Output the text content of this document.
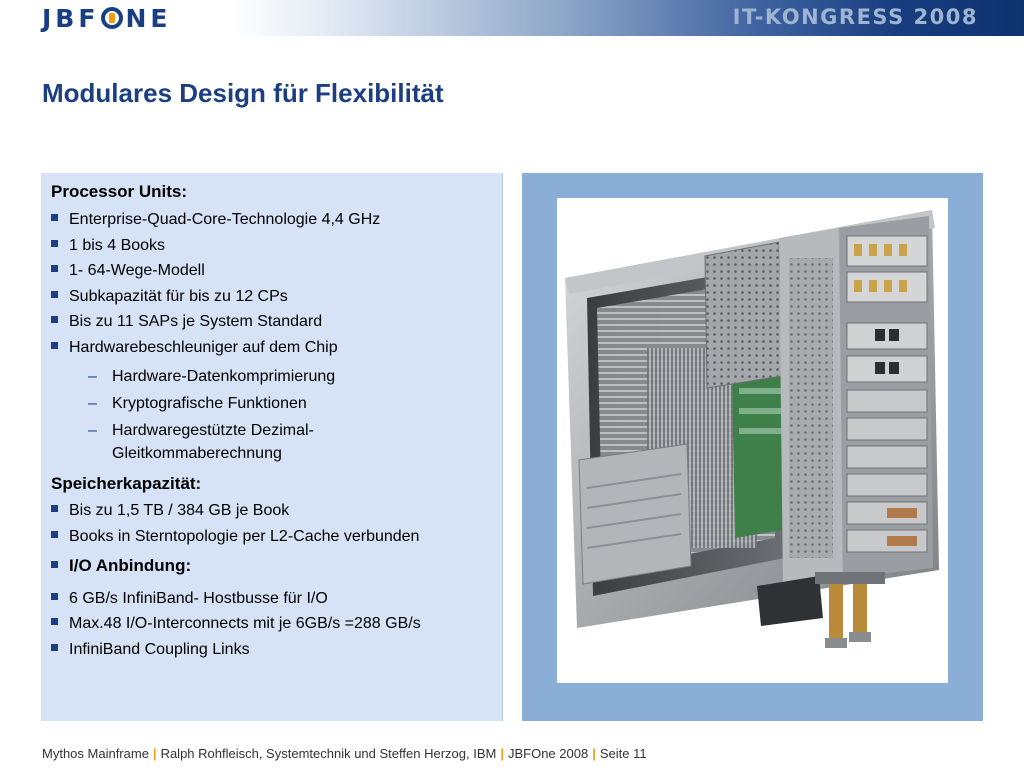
JBF NE	IT-KONGRESS 2008
Modulares Design für Flexibilität
Processor Units:
Enterprise-Quad-Core-Technologie 4,4 GHz
1 bis 4 Books
1- 64-Wege-Modell
Subkapazität für bis zu 12 CPs
Bis zu 11 SAPs je System Standard
Hardwarebeschleuniger auf dem Chip
– Hardware-Datenkomprimierung
– Kryptografische Funktionen
– Hardwaregestützte Dezimal-
Gleitkommaberechnung
Speicherkapazität:
Bis zu 1,5 TB / 384 GB je Book
Books in Sterntopologie per L2-Cache verbunden
I/O Anbindung:
6 GB/s InfiniBand- Hostbusse für I/O
Max.48 I/O-Interconnects mit je 6GB/s =288 GB/s
InfiniBand Coupling Links
Mythos Mainframe | Ralph Rohfleisch, Systemtechnik und Steffen Herzog, IBM | JBFOne 2008 | Seite 11
